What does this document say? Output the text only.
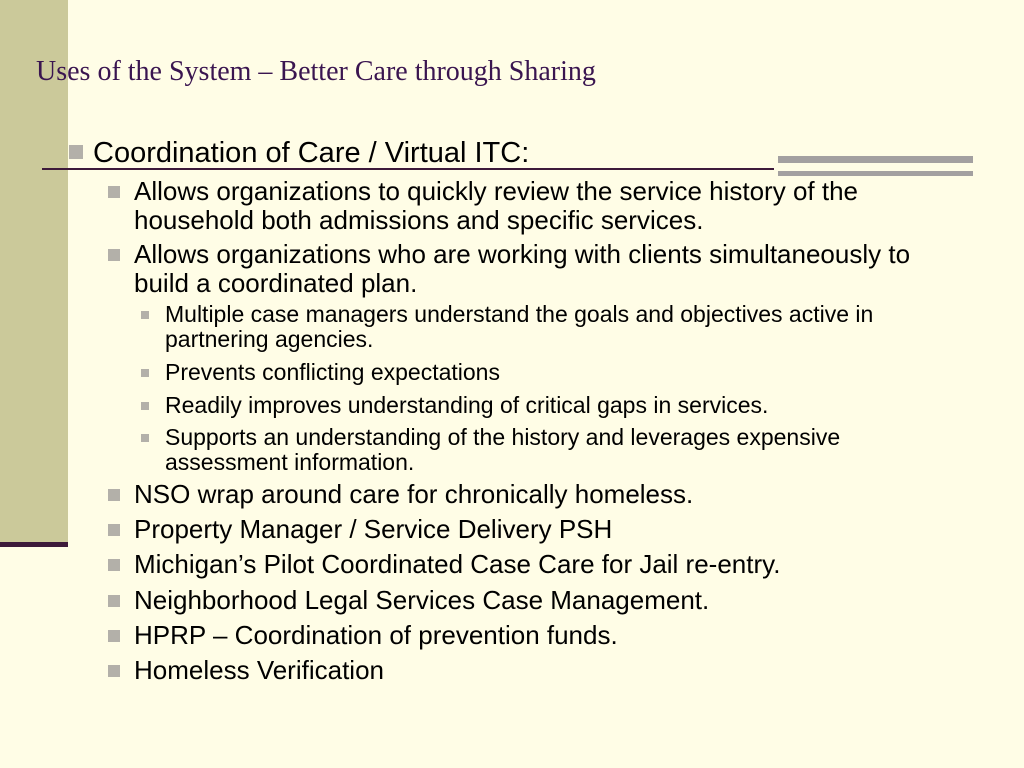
Uses of the System – Better Care through Sharing

Coordination of Care / Virtual ITC:

Allows organizations to quickly review the service history of the household both admissions and specific services.

Allows organizations who are working with clients simultaneously to build a coordinated plan.

Multiple case managers understand the goals and objectives active in partnering agencies.

Prevents conflicting expectations

Readily improves understanding of critical gaps in services.

Supports an understanding of the history and leverages expensive assessment information.

NSO wrap around care for chronically homeless.

Property Manager / Service Delivery PSH

Michigan’s Pilot Coordinated Case Care for Jail re-entry.

Neighborhood Legal Services Case Management.

HPRP – Coordination of prevention funds.

Homeless Verification
